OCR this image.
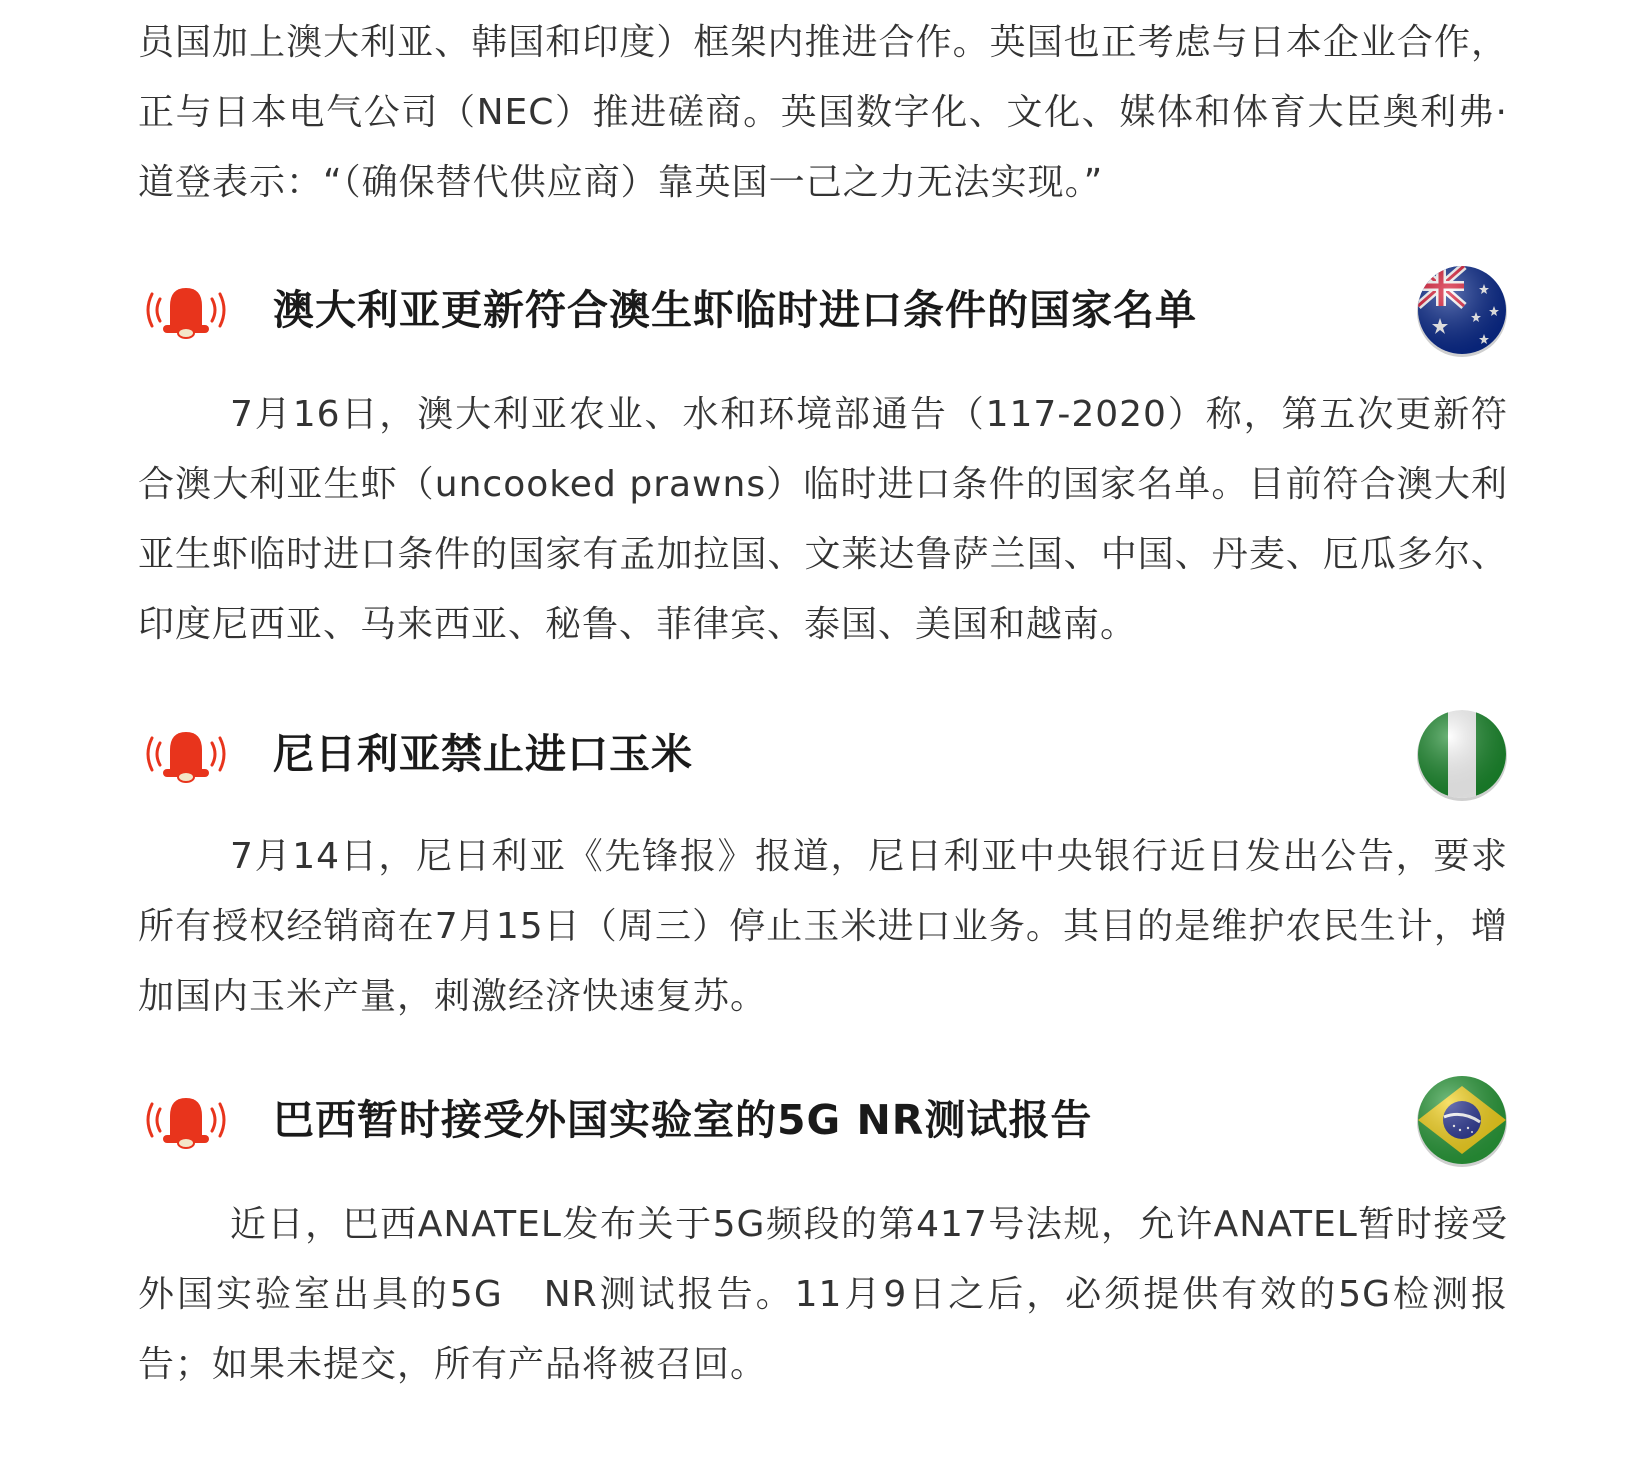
员国加上澳大利亚、韩国和印度）框架内推进合作。英国也正考虑与日本企业合作，正与日本电气公司（NEC）推进磋商。英国数字化、文化、媒体和体育大臣奥利弗·道登表示：“（确保替代供应商）靠英国一己之力无法实现。”

澳大利亚更新符合澳生虾临时进口条件的国家名单

7月16日，澳大利亚农业、水和环境部通告（117-2020）称，第五次更新符合澳大利亚生虾（uncooked prawns）临时进口条件的国家名单。目前符合澳大利亚生虾临时进口条件的国家有孟加拉国、文莱达鲁萨兰国、中国、丹麦、厄瓜多尔、印度尼西亚、马来西亚、秘鲁、菲律宾、泰国、美国和越南。

尼日利亚禁止进口玉米

7月14日，尼日利亚《先锋报》报道，尼日利亚中央银行近日发出公告，要求所有授权经销商在7月15日（周三）停止玉米进口业务。其目的是维护农民生计，增加国内玉米产量，刺激经济快速复苏。

巴西暂时接受外国实验室的5G NR测试报告

近日，巴西ANATEL发布关于5G频段的第417号法规，允许ANATEL暂时接受外国实验室出具的5G　NR测试报告。11月9日之后，必须提供有效的5G检测报告；如果未提交，所有产品将被召回。
